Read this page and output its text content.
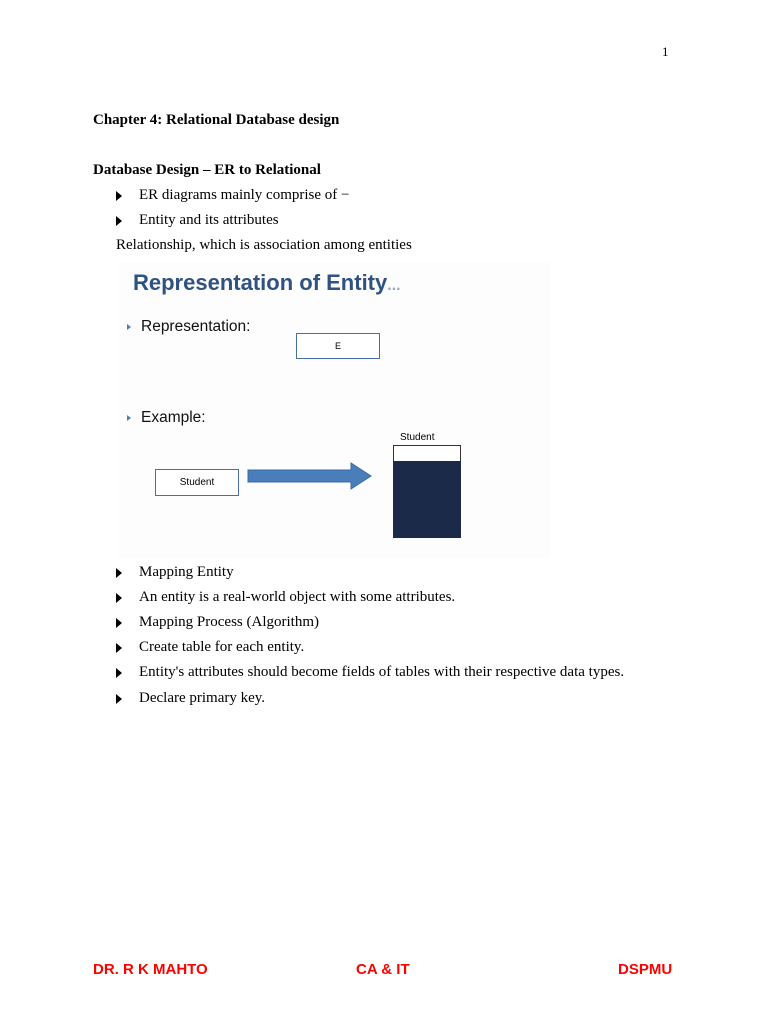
1
Chapter 4: Relational Database design
Database Design – ER to Relational
ER diagrams mainly comprise of −
Entity and its attributes
Relationship, which is association among entities
Representation of Entity...
Representation:
E
Example:
Student
Student
Mapping Entity
An entity is a real-world object with some attributes.
Mapping Process (Algorithm)
Create table for each entity.
Entity's attributes should become fields of tables with their respective data types.
Declare primary key.
DR. R K MAHTO	CA & IT	DSPMU
